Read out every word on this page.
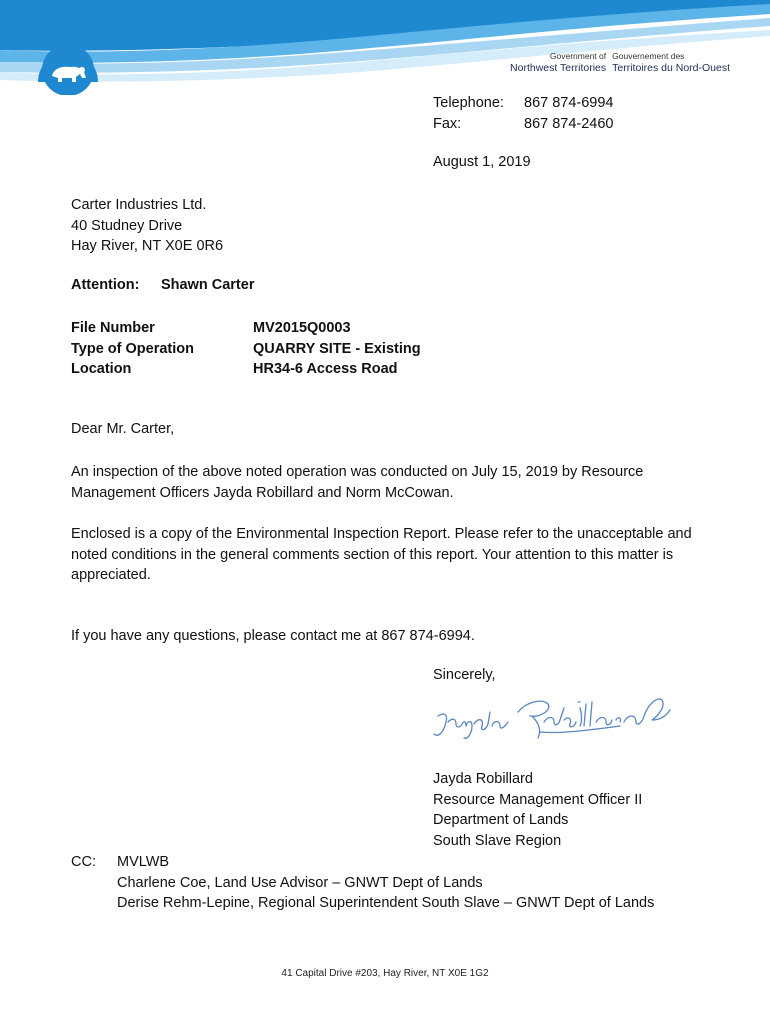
Government of
Northwest Territories
Gouvernement des
Territoires du Nord-Ouest
Telephone:	867 874-6994
Fax:	867 874-2460
August 1, 2019
Carter Industries Ltd.
40 Studney Drive
Hay River, NT X0E 0R6
Attention:	Shawn Carter
File Number	MV2015Q0003
Type of Operation	QUARRY SITE - Existing
Location	HR34-6 Access Road
Dear Mr. Carter,
An inspection of the above noted operation was conducted on July 15, 2019 by Resource Management Officers Jayda Robillard and Norm McCowan.
Enclosed is a copy of the Environmental Inspection Report. Please refer to the unacceptable and noted conditions in the general comments section of this report. Your attention to this matter is appreciated.
If you have any questions, please contact me at 867 874-6994.
Sincerely,
Jayda Robillard
Resource Management Officer II
Department of Lands
South Slave Region
CC:	MVLWB
Charlene Coe, Land Use Advisor – GNWT Dept of Lands
Derise Rehm-Lepine, Regional Superintendent South Slave – GNWT Dept of Lands
41 Capital Drive #203, Hay River, NT X0E 1G2
